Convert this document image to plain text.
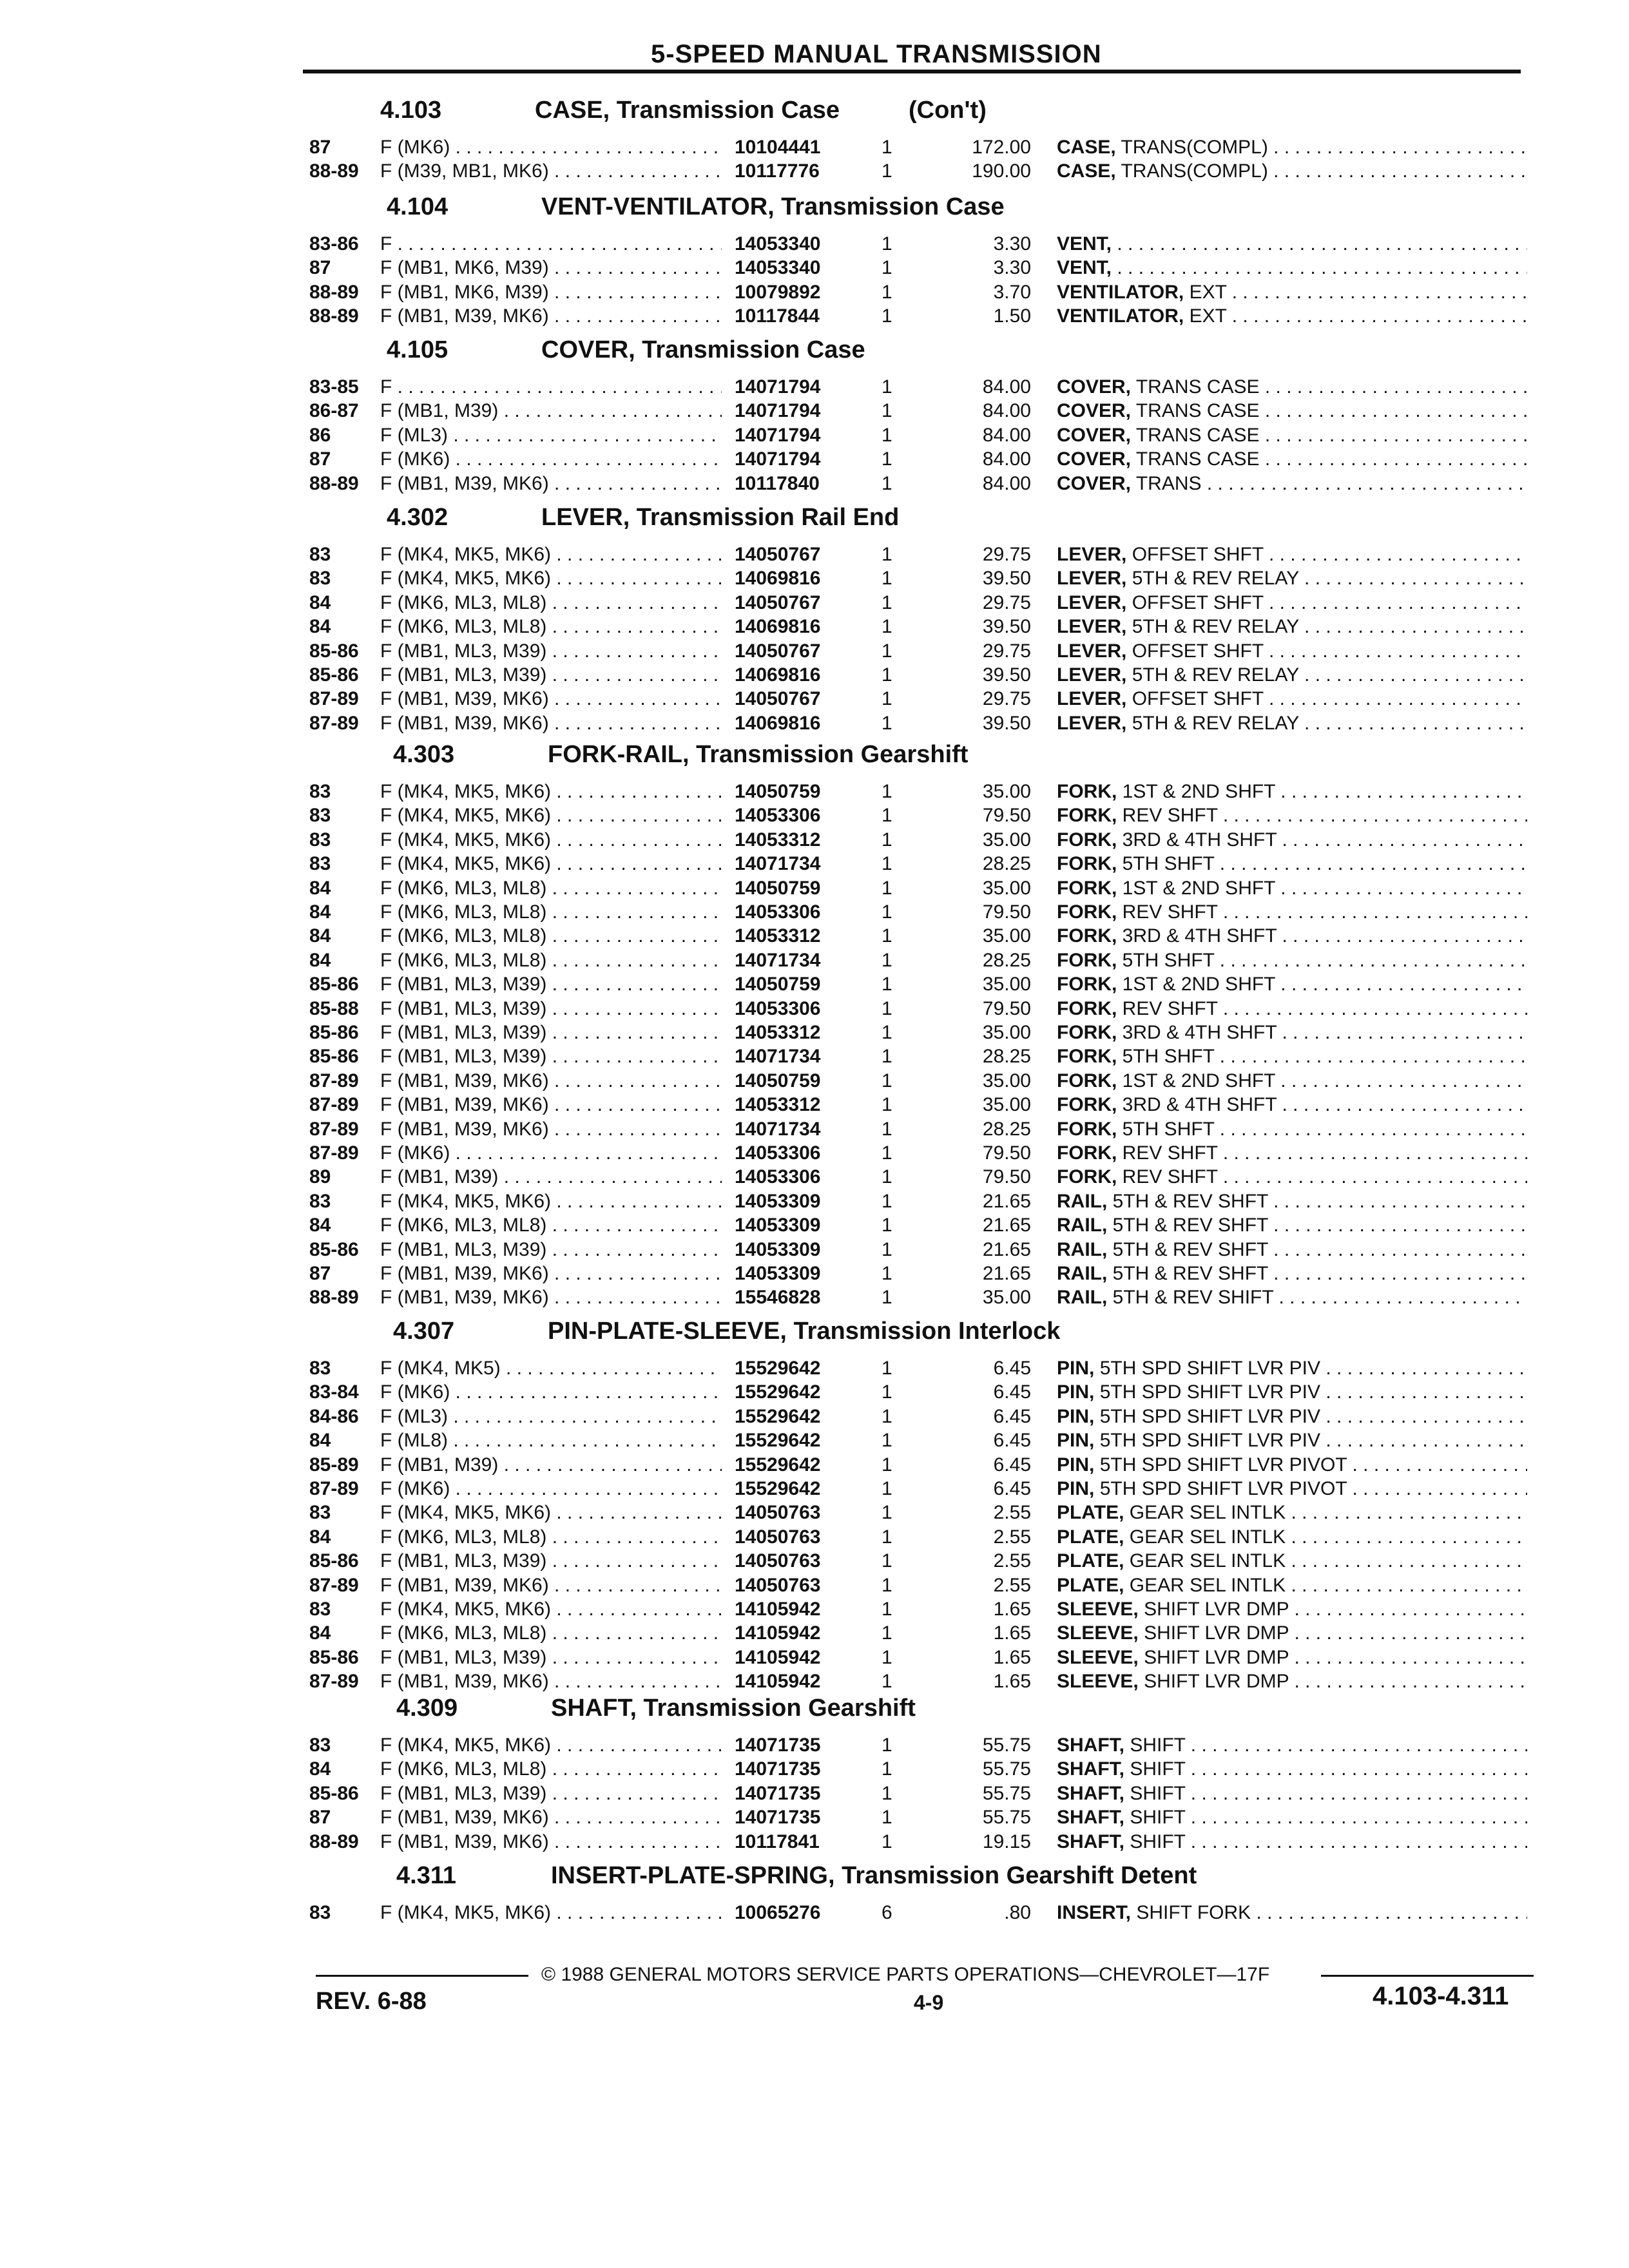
5-SPEED MANUAL TRANSMISSION
4.103	CASE, Transmission Case	(Con't)
87	F (MK6) . . .	10104441	1	172.00 CASE, TRANS(COMPL) . . .
88-89 F (M39, MB1, MK6) . . .	10117776	1	190.00 CASE, TRANS(COMPL) . . .
4.104	VENT-VENTILATOR, Transmission Case
83-86 F . . .	14053340	1	3.30 VENT, . . .
87	F (MB1, MK6, M39) . . .	14053340	1	3.30 VENT, . . .
88-89 F (MB1, MK6, M39) . . .	10079892	1	3.70 VENTILATOR, EXT . . .
88-89 F (MB1, M39, MK6) . . .	10117844	1	1.50 VENTILATOR, EXT . . .
4.105	COVER, Transmission Case
83-85 F . . .	14071794	1	84.00 COVER, TRANS CASE . . .
86-87 F (MB1, M39) . . .	14071794	1	84.00 COVER, TRANS CASE . . .
86	F (ML3) . . .	14071794	1	84.00 COVER, TRANS CASE . . .
87	F (MK6) . . .	14071794	1	84.00 COVER, TRANS CASE . . .
88-89 F (MB1, M39, MK6) . . .	10117840	1	84.00 COVER, TRANS . . .
4.302	LEVER, Transmission Rail End
83	F (MK4, MK5, MK6) . . .	14050767	1	29.75 LEVER, OFFSET SHFT . . .
83	F (MK4, MK5, MK6) . . .	14069816	1	39.50 LEVER, 5TH & REV RELAY . . .
84	F (MK6, ML3, ML8) . . .	14050767	1	29.75 LEVER, OFFSET SHFT . . .
84	F (MK6, ML3, ML8) . . .	14069816	1	39.50 LEVER, 5TH & REV RELAY . . .
85-86 F (MB1, ML3, M39) . . .	14050767	1	29.75 LEVER, OFFSET SHFT . . .
85-86 F (MB1, ML3, M39) . . .	14069816	1	39.50 LEVER, 5TH & REV RELAY . . .
87-89 F (MB1, M39, MK6) . . .	14050767	1	29.75 LEVER, OFFSET SHFT . . .
87-89 F (MB1, M39, MK6) . . .	14069816	1	39.50 LEVER, 5TH & REV RELAY . . .
4.303	FORK-RAIL, Transmission Gearshift
83	F (MK4, MK5, MK6) . . .	14050759	1	35.00 FORK, 1ST & 2ND SHFT . . .
83	F (MK4, MK5, MK6) . . .	14053306	1	79.50 FORK, REV SHFT . . .
83	F (MK4, MK5, MK6) . . .	14053312	1	35.00 FORK, 3RD & 4TH SHFT . . .
83	F (MK4, MK5, MK6) . . .	14071734	1	28.25 FORK, 5TH SHFT . . .
84	F (MK6, ML3, ML8) . . .	14050759	1	35.00 FORK, 1ST & 2ND SHFT . . .
84	F (MK6, ML3, ML8) . . .	14053306	1	79.50 FORK, REV SHFT . . .
84	F (MK6, ML3, ML8) . . .	14053312	1	35.00 FORK, 3RD & 4TH SHFT . . .
84	F (MK6, ML3, ML8) . . .	14071734	1	28.25 FORK, 5TH SHFT . . .
85-86 F (MB1, ML3, M39) . . .	14050759	1	35.00 FORK, 1ST & 2ND SHFT . . .
85-88 F (MB1, ML3, M39) . . .	14053306	1	79.50 FORK, REV SHFT . . .
85-86 F (MB1, ML3, M39) . . .	14053312	1	35.00 FORK, 3RD & 4TH SHFT . . .
85-86 F (MB1, ML3, M39) . . .	14071734	1	28.25 FORK, 5TH SHFT . . .
87-89 F (MB1, M39, MK6) . . .	14050759	1	35.00 FORK, 1ST & 2ND SHFT . . .
87-89 F (MB1, M39, MK6) . . .	14053312	1	35.00 FORK, 3RD & 4TH SHFT . . .
87-89 F (MB1, M39, MK6) . . .	14071734	1	28.25 FORK, 5TH SHFT . . .
87-89 F (MK6) . . .	14053306	1	79.50 FORK, REV SHFT . . .
89	F (MB1, M39) . . .	14053306	1	79.50 FORK, REV SHFT . . .
83	F (MK4, MK5, MK6) . . .	14053309	1	21.65 RAIL, 5TH & REV SHFT . . .
84	F (MK6, ML3, ML8) . . .	14053309	1	21.65 RAIL, 5TH & REV SHFT . . .
85-86 F (MB1, ML3, M39) . . .	14053309	1	21.65 RAIL, 5TH & REV SHFT . . .
87	F (MB1, M39, MK6) . . .	14053309	1	21.65 RAIL, 5TH & REV SHFT . . .
88-89 F (MB1, M39, MK6) . . .	15546828	1	35.00 RAIL, 5TH & REV SHIFT . . .
4.307	PIN-PLATE-SLEEVE, Transmission Interlock
83	F (MK4, MK5) . . .	15529642	1	6.45 PIN, 5TH SPD SHIFT LVR PIV . . .
83-84 F (MK6) . . .	15529642	1	6.45 PIN, 5TH SPD SHIFT LVR PIV . . .
84-86 F (ML3) . . .	15529642	1	6.45 PIN, 5TH SPD SHIFT LVR PIV . . .
84	F (ML8) . . .	15529642	1	6.45 PIN, 5TH SPD SHIFT LVR PIV . . .
85-89 F (MB1, M39) . . .	15529642	1	6.45 PIN, 5TH SPD SHIFT LVR PIVOT . . .
87-89 F (MK6) . . .	15529642	1	6.45 PIN, 5TH SPD SHIFT LVR PIVOT . . .
83	F (MK4, MK5, MK6) . . .	14050763	1	2.55 PLATE, GEAR SEL INTLK . . .
84	F (MK6, ML3, ML8) . . .	14050763	1	2.55 PLATE, GEAR SEL INTLK . . .
85-86 F (MB1, ML3, M39) . . .	14050763	1	2.55 PLATE, GEAR SEL INTLK . . .
87-89 F (MB1, M39, MK6) . . .	14050763	1	2.55 PLATE, GEAR SEL INTLK . . .
83	F (MK4, MK5, MK6) . . .	14105942	1	1.65 SLEEVE, SHIFT LVR DMP . . .
84	F (MK6, ML3, ML8) . . .	14105942	1	1.65 SLEEVE, SHIFT LVR DMP . . .
85-86 F (MB1, ML3, M39) . . .	14105942	1	1.65 SLEEVE, SHIFT LVR DMP . . .
87-89 F (MB1, M39, MK6) . . .	14105942	1	1.65 SLEEVE, SHIFT LVR DMP . . .
4.309	SHAFT, Transmission Gearshift
83	F (MK4, MK5, MK6) . . .	14071735	1	55.75 SHAFT, SHIFT . . .
84	F (MK6, ML3, ML8) . . .	14071735	1	55.75 SHAFT, SHIFT . . .
85-86 F (MB1, ML3, M39) . . .	14071735	1	55.75 SHAFT, SHIFT . . .
87	F (MB1, M39, MK6) . . .	14071735	1	55.75 SHAFT, SHIFT . . .
88-89 F (MB1, M39, MK6) . . .	10117841	1	19.15 SHAFT, SHIFT . . .
4.311	INSERT-PLATE-SPRING, Transmission Gearshift Detent
83	F (MK4, MK5, MK6) . . .	10065276	6	.80 INSERT, SHIFT FORK . . .
© 1988 GENERAL MOTORS SERVICE PARTS OPERATIONS—CHEVROLET—17F
REV. 6-88	4-9	4.103-4.311
